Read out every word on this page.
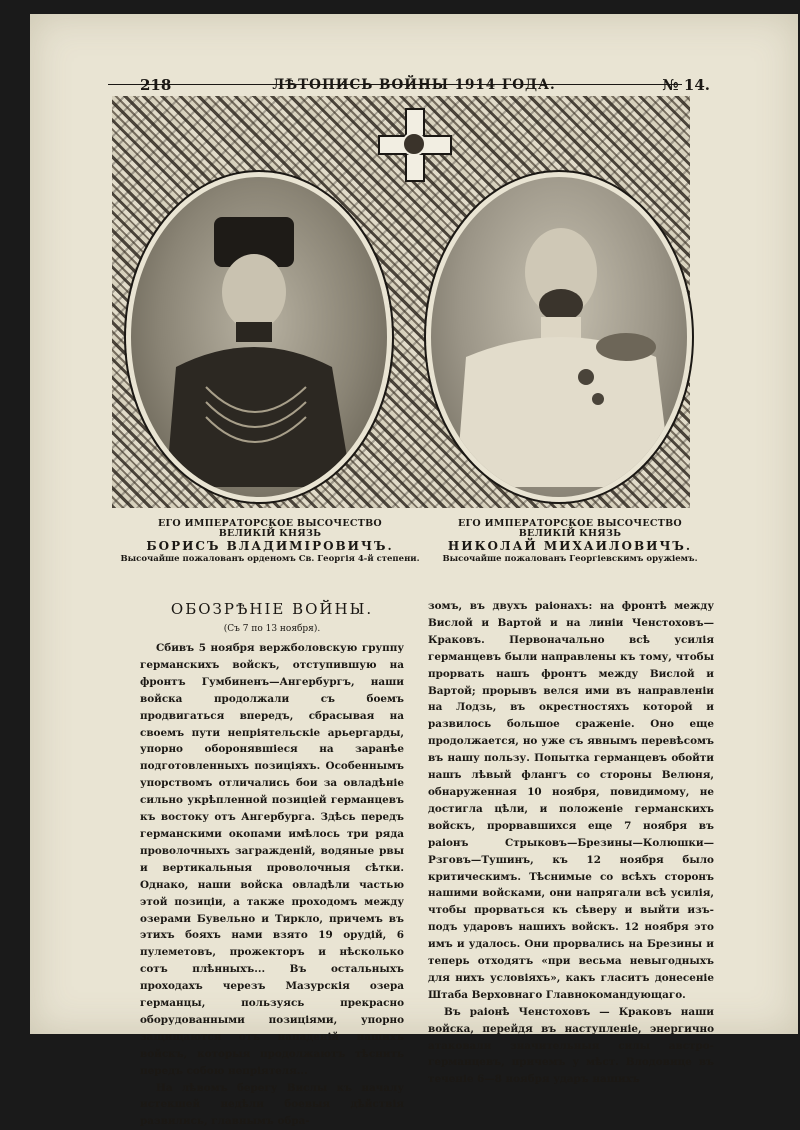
218	ЛѢТОПИСЬ ВОЙНЫ 1914 ГОДА.	№ 14.
ЕГО ИМПЕРАТОРСКОЕ ВЫСОЧЕСТВО
ВЕЛИКІЙ КНЯЗЬ
БОРИСЪ ВЛАДИМІРОВИЧЪ.
Высочайше пожалованъ орденомъ Св. Георгія 4-й степени.
ЕГО ИМПЕРАТОРСКОЕ ВЫСОЧЕСТВО
ВЕЛИКІЙ КНЯЗЬ
НИКОЛАЙ МИХАИЛОВИЧЪ.
Высочайше пожалованъ Георгіевскимъ оружіемъ.
ОБОЗРѢНІЕ ВОЙНЫ.
(Съ 7 по 13 ноября).

Сбивъ 5 ноября вержболовскую группу германскихъ войскъ, отступившую на фронтъ Гумбиненъ—Ангербургъ, наши войска продолжали съ боемъ продвигаться впередъ, сбрасывая на своемъ пути непріятельскіе арьергарды, упорно оборонявшіеся на заранѣе подготовленныхъ позиціяхъ. Особеннымъ упорствомъ отличались бои за овладѣніе сильно укрѣпленной позиціей германцевъ къ востоку отъ Ангербурга. Здѣсь передъ германскими окопами имѣлось три ряда проволочныхъ загражденій, водяные рвы и вертикальныя проволочныя сѣтки. Однако, наши войска овладѣли частью этой позиціи, а также проходомъ между озерами Бувельно и Тиркло, причемъ въ этихъ бояхъ нами взято 19 орудій, 6 пулеметовъ, прожекторъ и нѣсколько сотъ плѣнныхъ... Въ остальныхъ проходахъ черезъ Мазурскія озера германцы, пользуясь прекрасно оборудованными позиціями, упорно защищаются отъ нападеній нашихъ войскъ, которыя продолжаютъ тѣснить передъ собою непріятеля...

На лѣвомъ берегу Вислы къ началу истекшей недѣли боевыя дѣйствія развились, главнымъ обра-

зомъ, въ двухъ раіонахъ: на фронтѣ между Вислой и Вартой и на линіи Ченстоховъ—Краковъ. Первоначально всѣ усилія германцевъ были направлены къ тому, чтобы прорвать нашъ фронтъ между Вислой и Вартой; прорывъ велся ими въ направленіи на Лодзь, въ окрестностяхъ которой и развилось большое сраженіе. Оно еще продолжается, но уже съ явнымъ перевѣсомъ въ нашу пользу. Попытка германцевъ обойти нашъ лѣвый флангъ со стороны Велюня, обнаруженная 10 ноября, повидимому, не достигла цѣли, и положеніе германскихъ войскъ, прорвавшихся еще 7 ноября въ раіонъ Стрыковъ—Брезины—Колюшки—Рзговъ—Тушинъ, къ 12 ноября было критическимъ. Тѣснимые со всѣхъ сторонъ нашими войсками, они напрягали всѣ усилія, чтобы прорваться къ сѣверу и выйти изъ-подъ ударовъ нашихъ войскъ. 12 ноября это имъ и удалось. Они прорвались на Брезины и теперь отходятъ «при весьма невыгодныхъ для нихъ условіяхъ», какъ гласитъ донесеніе Штаба Верховнаго Главнокомандующаго.

Въ раіонѣ Ченстоховъ — Краковъ наши войска, перейдя въ наступленіе, энергично атаковали значительныя силы австро-германцевъ, причемъ у мѣст. Влодовице въ теченіе 6—8 ноября ударъ нашихъ
